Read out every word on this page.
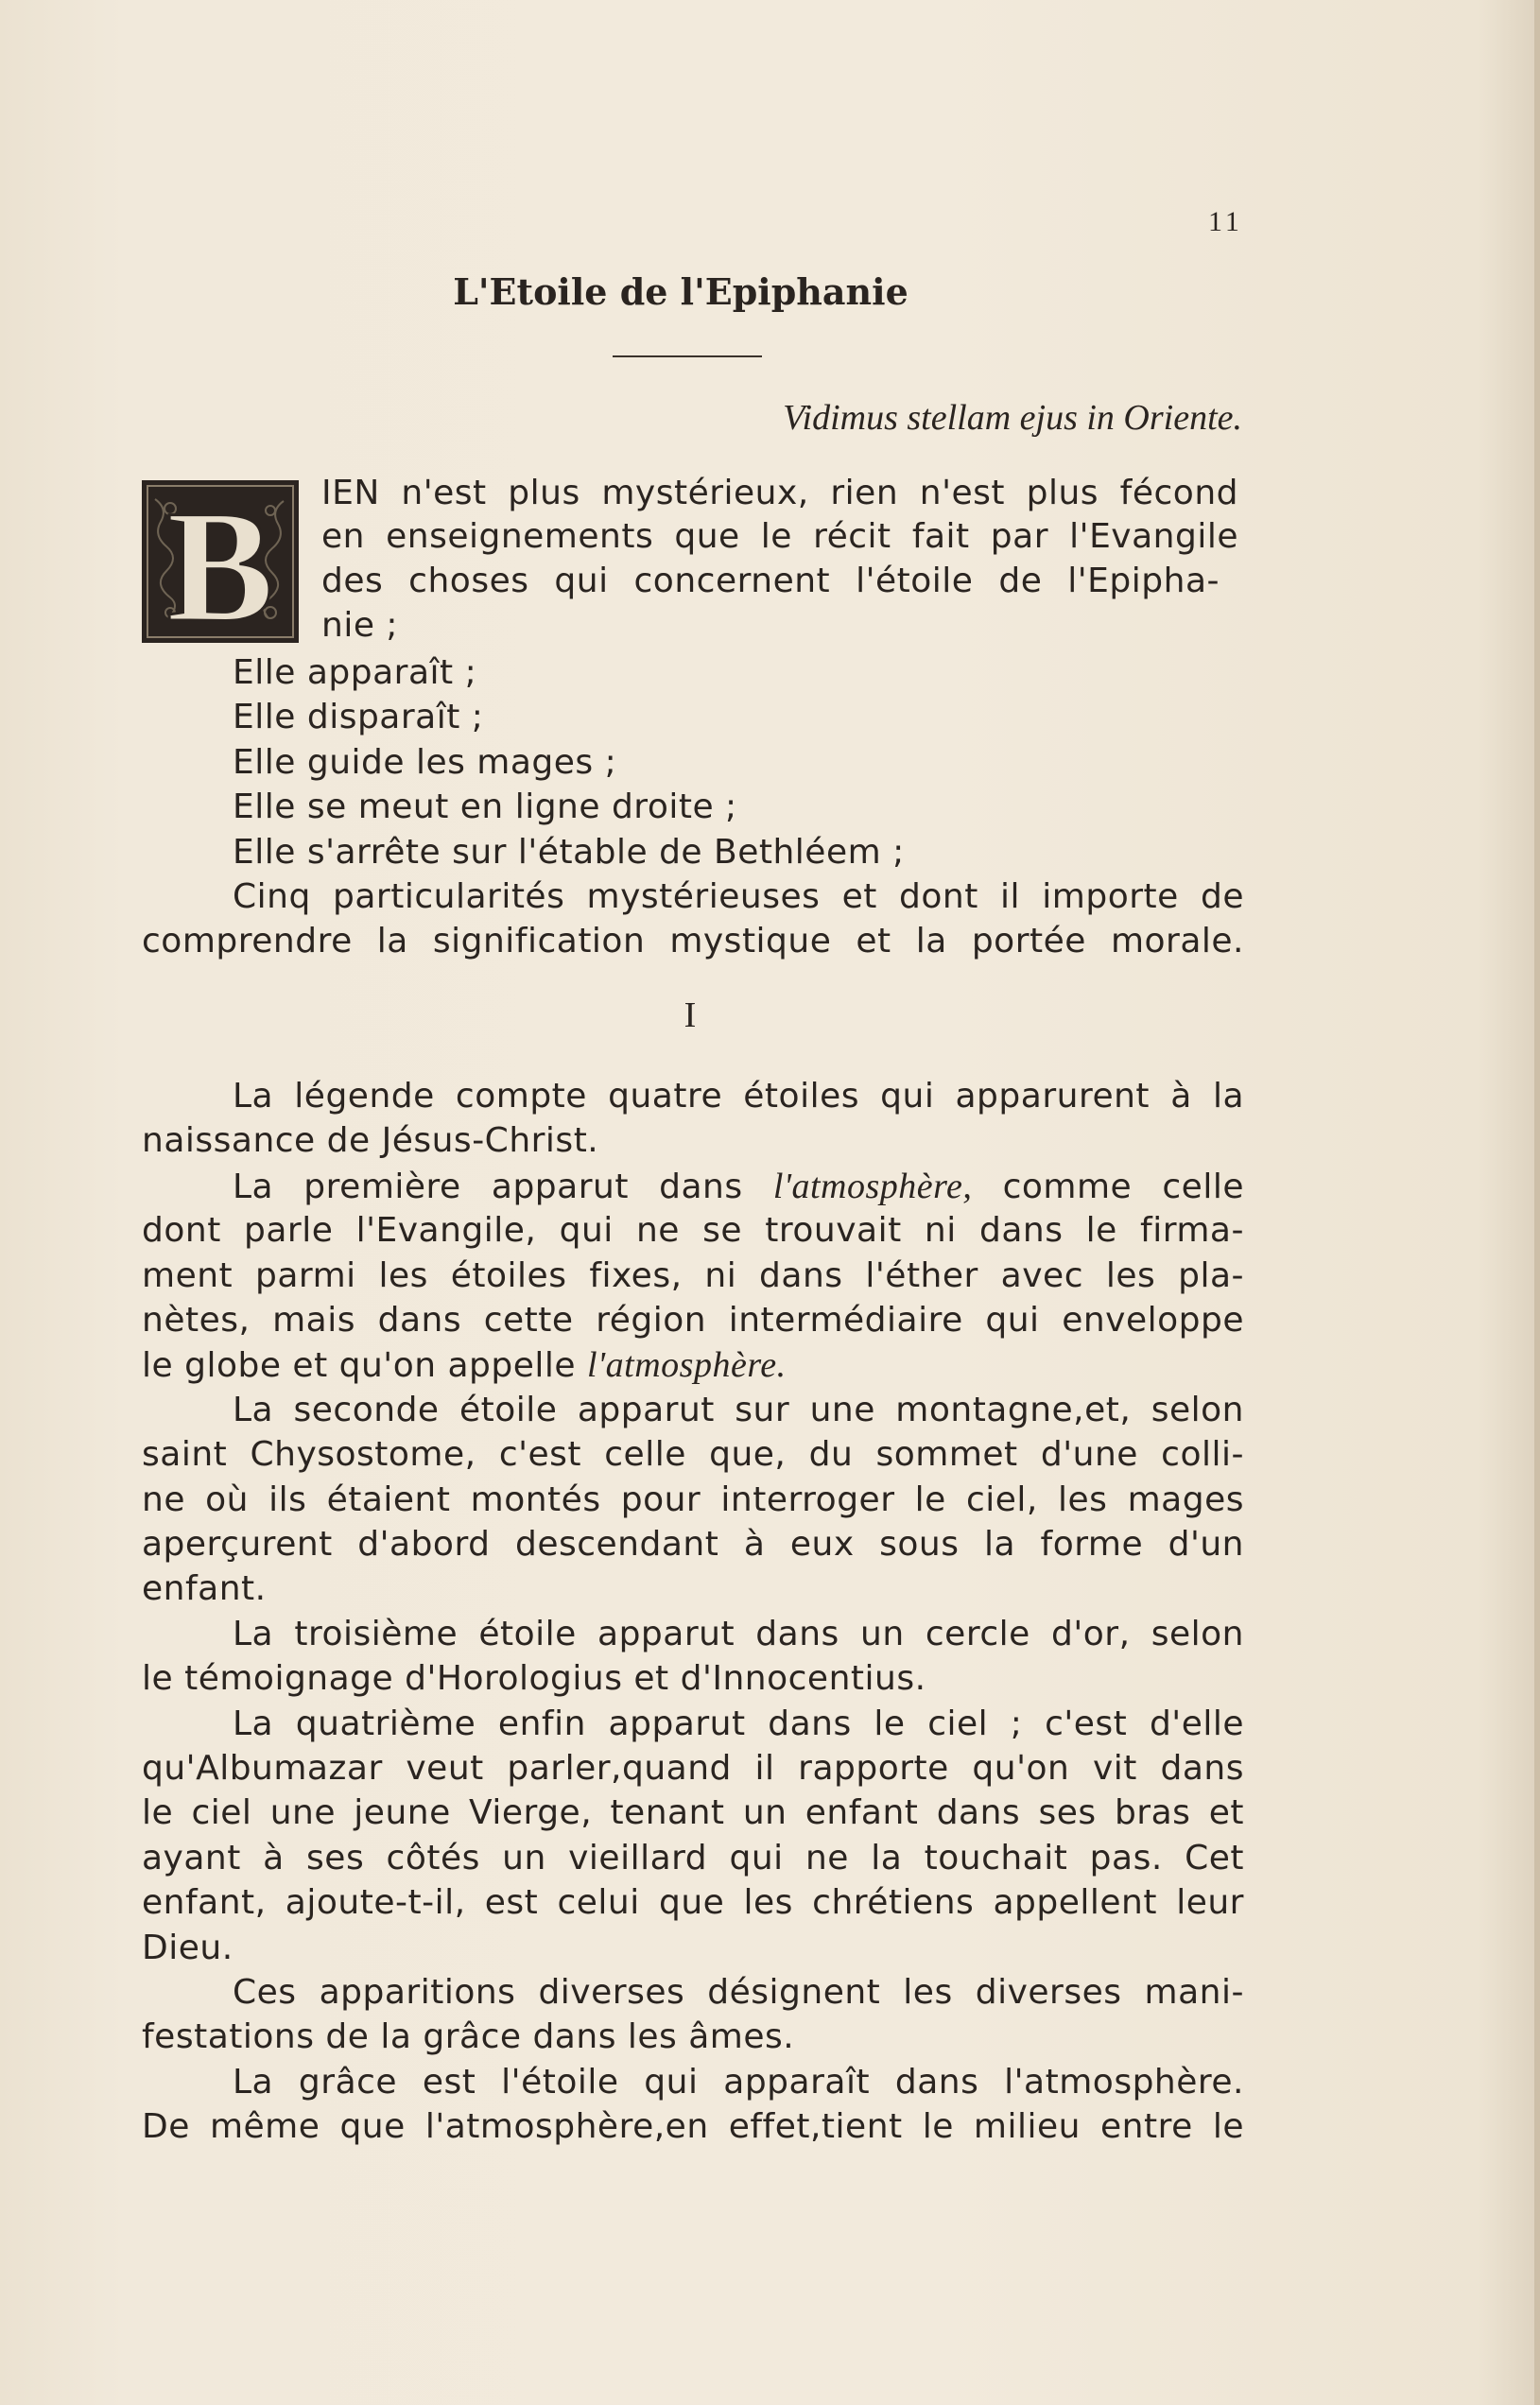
11
L'Etoile de l'Epiphanie
Vidimus stellam ejus in Oriente.
B IEN n'est plus mystérieux, rien n'est plus fécond
en enseignements que le récit fait par l'Evangile
des choses qui concernent l'étoile de l'Epipha-
nie ;
Elle apparaît ;
Elle disparaît ;
Elle guide les mages ;
Elle se meut en ligne droite ;
Elle s'arrête sur l'étable de Bethléem ;
Cinq particularités mystérieuses et dont il importe de
comprendre la signification mystique et la portée morale.
I
La légende compte quatre étoiles qui apparurent à la
naissance de Jésus-Christ.
La première apparut dans l'atmosphère, comme celle
dont parle l'Evangile, qui ne se trouvait ni dans le firma-
ment parmi les étoiles fixes, ni dans l'éther avec les pla-
nètes, mais dans cette région intermédiaire qui enveloppe
le globe et qu'on appelle l'atmosphère.
La seconde étoile apparut sur une montagne,et, selon
saint Chysostome, c'est celle que, du sommet d'une colli-
ne où ils étaient montés pour interroger le ciel, les mages
aperçurent d'abord descendant à eux sous la forme d'un
enfant.
La troisième étoile apparut dans un cercle d'or, selon
le témoignage d'Horologius et d'Innocentius.
La quatrième enfin apparut dans le ciel ; c'est d'elle
qu'Albumazar veut parler,quand il rapporte qu'on vit dans
le ciel une jeune Vierge, tenant un enfant dans ses bras et
ayant à ses côtés un vieillard qui ne la touchait pas. Cet
enfant, ajoute-t-il, est celui que les chrétiens appellent leur
Dieu.
Ces apparitions diverses désignent les diverses mani-
festations de la grâce dans les âmes.
La grâce est l'étoile qui apparaît dans l'atmosphère.
De même que l'atmosphère,en effet,tient le milieu entre le
